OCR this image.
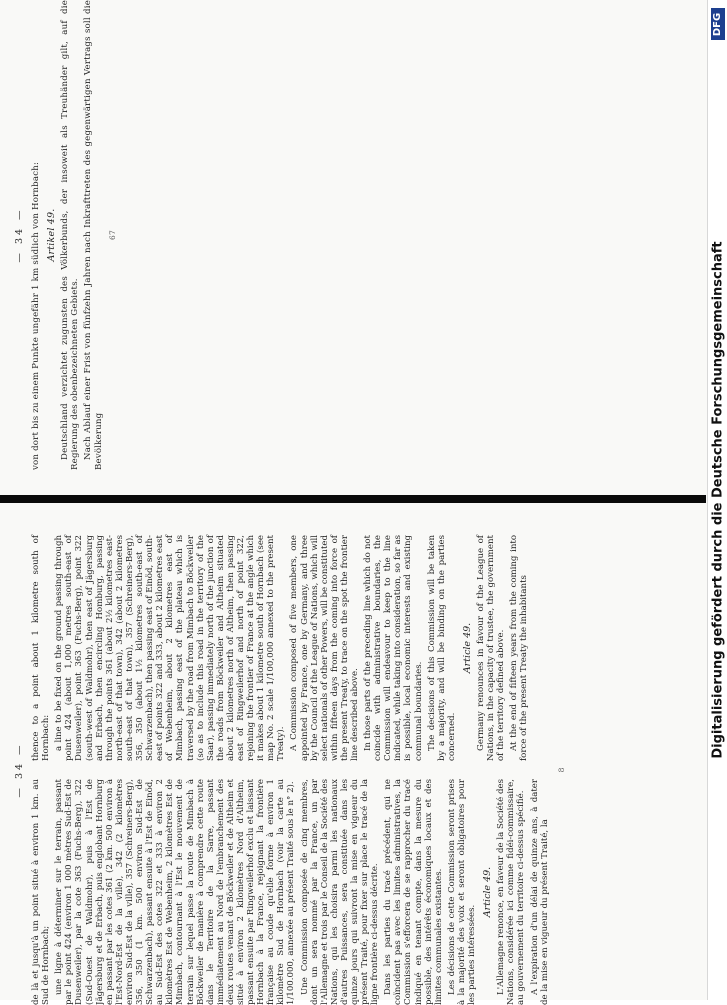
— 34 — von dort bis zu einem Punkte ungefähr 1 km südlich von Hornbach: Artikel 49. Deutschland verzichtet zugunsten des Völkerbunds, der insoweit als Treuhänder gilt, auf die Regierung des obenbezeichneten Gebiets. Nach Ablauf einer Frist von fünfzehn Jahren nach Inkrafttreten des gegenwärtigen Vertrags soll die Bevölkerung

67
— 34 —

de là et jusqu'à un point situé à environ 1 km. au Sud de Hornbach; une ligne à déterminer sur le terrain, passant par le point 424 (environ 1 000 mètres Sud-Est de Dusenweiler), par la cote 363 (Fuchs-Berg), 322 (Sud-Ouest de Waldmohr), puis à l'Est de Jägersburg et de Erbach, puis englobant Hornburg en passant par les cotes 361 (2 km. 500 environ à l'Est-Nord-Est de la ville), 342 (2 kilomètres environ Sud-Est de la ville), 357 (Schreiners-Berg), 356, 350 (1 km. 500 environ Sud-Est de Schwarzenbach), passant ensuite à l'Est de Einöd, au Sud-Est des cotes 322 et 333 à environ 2 kilomètres Est de Webenheim, 2 kilomètres Est de Mimbach, contournant à l'Est le mouvement de terrain sur lequel passe la route de Mimbach à Böckweiler de manière à comprendre cette route dans le Territoire de la Sarre, passant immédiatement au Nord de l'embranchement des deux routes venant de Böckweiler et de Altheim et situé à environ 2 kilomètres Nord d'Altheim, passant ensuite par Ringweilerhof exclu et laissant Hornbach à la France, rejoignant la frontière française au coude qu'elle forme à environ 1 kilomètre Sud de Hornbach (voir la carte au 1/100.000, annexée au présent Traité sous le n° 2). Une Commission composée de cinq membres, dont un sera nommé par la France, un par l'Allemagne et trois par le Conseil de la Société des Nations, qui les choisira parmi les nationaux d'autres Puissances, sera constituée dans les quinze jours qui suivront la mise en vigueur du présent Traité, pour fixer sur place le tracé de la ligne frontière ci-dessus décrite. Dans les parties du tracé précédent, qui ne coïncident pas avec les limites administratives, la Commission s'efforcera de se rapprocher du tracé indiqué en tenant compte, dans la mesure du possible, des intérêts économiques locaux et des limites communales existantes. Les décisions de cette Commission seront prises à la majorité des voix et seront obligatoires pour les parties intéressées.

Article 49. L'Allemagne renonce, en faveur de la Société des Nations, considérée ici comme fidéi-commissaire, au gouvernement du territoire ci-dessus spécifié. A l'expiration d'un délai de quinze ans, à dater de la mise en vigueur du présent Traité, la

thence to a point about 1 kilometre south of Hornbach: a line to be fixed on the ground passing through point 424 (about 1,000 metres south-east of Dusenweiler), point 363 (Fuchs-Berg), point 322 (south-west of Waldmohr), then east of Jägersburg and Erbach, then encircling Homburg, passing through the points 361 (about 2½ kilometres east-north-east of that town), 342 (about 2 kilometres south-east of that town), 357 (Schreiners-Berg), 356, 350 (about 1½ kilometres south-east of Schwarzenbach), then passing east of Einöd, south-east of points 322 and 333, about 2 kilometres east of Webenheim, about 2 kilometres east of Mimbach, passing east of the plateau which is traversed by the road from Mimbach to Böckweiler (so as to include this road in the territory of the Saar), passing immediately north of the junction of the roads from Böckweiler and Altheim situated about 2 kilometres north of Altheim, then passing east of Ringweilerhof and north of point 322, rejoining the frontier of France at the angle which it makes about 1 kilometre south of Hornbach (see map No. 2 scale 1/100,000 annexed to the present Treaty). A Commission composed of five members, one appointed by France, one by Germany, and three by the Council of the League of Nations, which will select nationals of other Powers, will be constituted within fifteen days from the coming into force of the present Treaty, to trace on the spot the frontier line described above. In those parts of the preceding line which do not coincide with administrative boundaries, the Commission will endeavour to keep to the line indicated, while taking into consideration, so far as is possible, local economic interests and existing communal boundaries. The decisions of this Commission will be taken by a majority, and will be binding on the parties concerned.

Article 49. Germany renounces in favour of the League of Nations, in the capacity of trustee, the government of the territory defined above. At the end of fifteen years from the coming into force of the present Treaty the inhabitants

8
DFG
Digitalisierung gefördert durch die Deutsche Forschungsgemeinschaft
